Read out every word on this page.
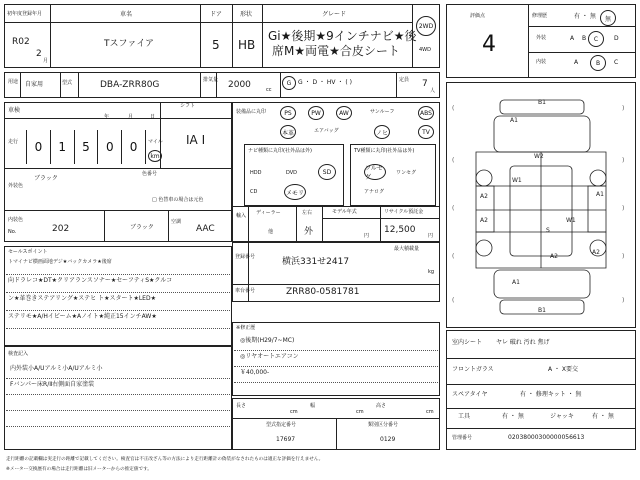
初年度登録年月
R02
2
月
車名
Tスファイア
ドア
5
形状
HB
グレード
Gi★後期★9インチナビ★後
席M★両電★合皮シート
2WD
4WD
用途 自家用	型式	DBA-ZRR80G	排気量 2000	cc
G	G ・ D ・ HV ・ ( )	定員 7
人
車検
年	月	日
シフト
IA I
走行	0	1	5	0	0	マイル
km
外装色
ブラック
色番号
□ 色替車の場合は元色
内装色
No.	202	ブラック
空調
AAC
装備品に丸印	PS	PW	AW	サンルーフ	ABS
本革	エアバッグ	ノヒ	TV
ナビ種類に丸印(社外品は外)
HDD	DVD	SD
CD	メモリ
TV種類に丸印(社外品は外)
フルセグ
ワンセグ
アナログ
輸入 ディーラー
他
左右
外
モデル年式	リサイクル預託金
円
12,500
円
登録番号
最大積載量
横浜331せ2417
kg
車台番号	ZRR80-0581781
セールスポイント
トマイナビ横画面地デジ★バックカメラ★後席
向ドラレコ★DT★クリアランスソナー★セーフティS★クルコ
ン★革巻きステアリング★ステヒ ト★スタート★LED★
ステリモ★A/Hイビーム★Aノイト★純正15インチAW★
検査記入
内外装小A/Uアルミ小A/Uアルミ小
Fバンパー床R/Ⅱ右側面自家塗装
※修正歴
◎後期(H29/7~MC)
◎リヤオートエアコン
￥40,000-
長さ
cm
幅
cm
高さ
cm
型式指定番号
17697
類別区分番号
0129
評価点
4
修理歴	有 ・ 無 無
外装	A B C	D
内装	A	B C
B1
A1
W1
W2
A2
A2	W1
B1
S
A2
A2
A1
A1
(	)
(	)
(	)
(	)
(	)
室内シート ヤレ 破れ 汚れ 焦げ
フロントガラス	A ・ X要交
スペアタイヤ	有 ・ 修理キット ・ 無
工具	有 ・ 無	ジャッキ	有 ・ 無
管理番号	02038000300000056613
走行距離の記載欄は実走行の距離で記載してください。検査官は不正改ざん等の方法により走行距離計の偽装がなされたものは適正な評価を行えません。
※メーター交換歴有の場合は走行距離は旧メーターからの推定値です。
